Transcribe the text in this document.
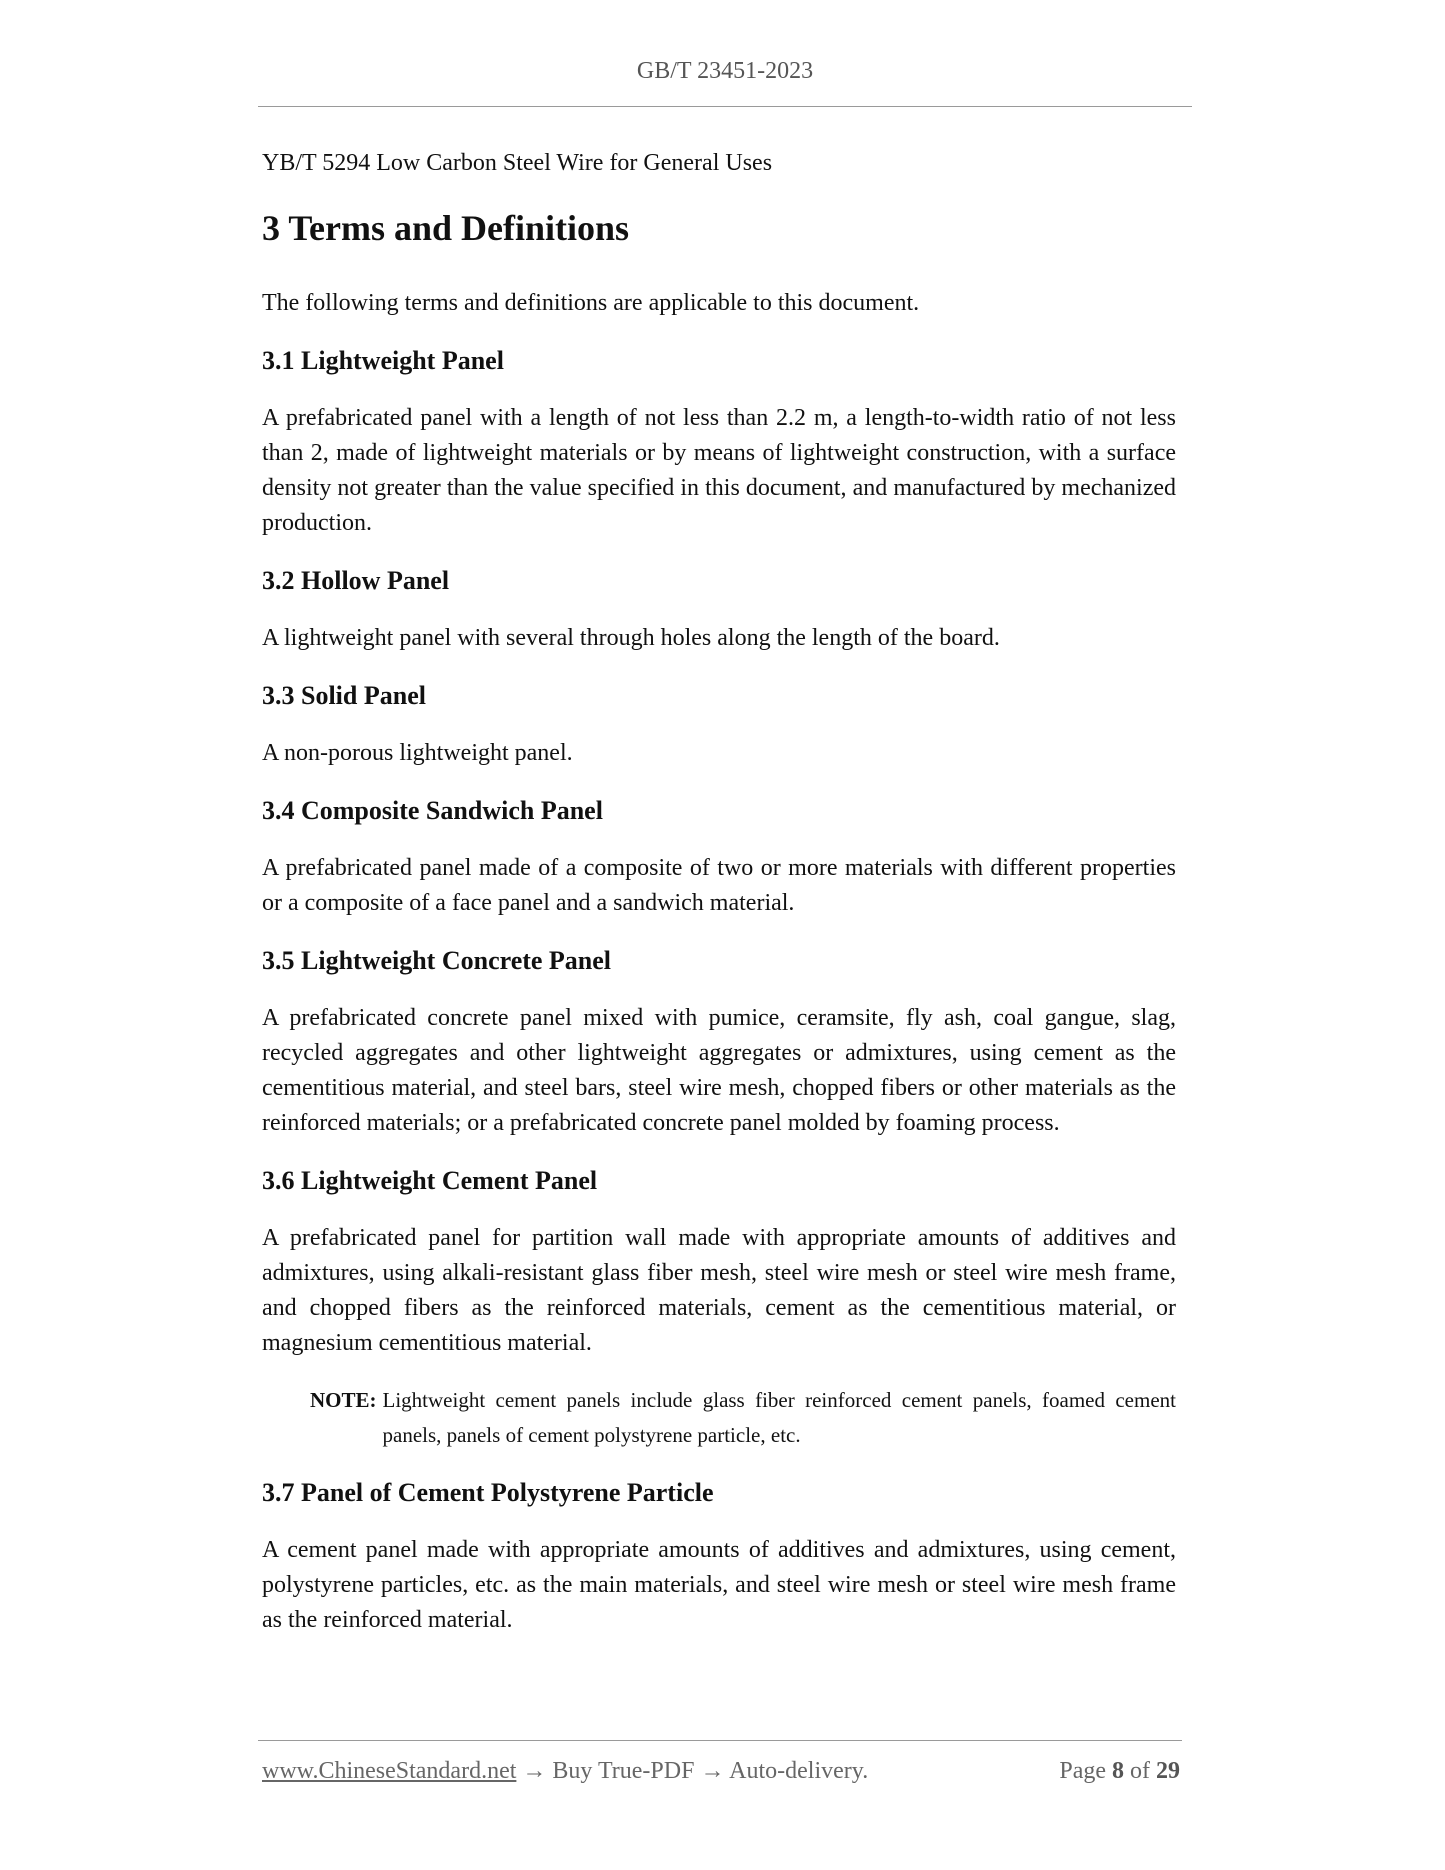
GB/T 23451-2023
YB/T 5294 Low Carbon Steel Wire for General Uses
3 Terms and Definitions

The following terms and definitions are applicable to this document.

3.1 Lightweight Panel

A prefabricated panel with a length of not less than 2.2 m, a length-to-width ratio of not less than 2, made of lightweight materials or by means of lightweight construction, with a surface density not greater than the value specified in this document, and manufactured by mechanized production.

3.2 Hollow Panel

A lightweight panel with several through holes along the length of the board.

3.3 Solid Panel

A non-porous lightweight panel.

3.4 Composite Sandwich Panel

A prefabricated panel made of a composite of two or more materials with different properties or a composite of a face panel and a sandwich material.

3.5 Lightweight Concrete Panel

A prefabricated concrete panel mixed with pumice, ceramsite, fly ash, coal gangue, slag, recycled aggregates and other lightweight aggregates or admixtures, using cement as the cementitious material, and steel bars, steel wire mesh, chopped fibers or other materials as the reinforced materials; or a prefabricated concrete panel molded by foaming process.

3.6 Lightweight Cement Panel

A prefabricated panel for partition wall made with appropriate amounts of additives and admixtures, using alkali-resistant glass fiber mesh, steel wire mesh or steel wire mesh frame, and chopped fibers as the reinforced materials, cement as the cementitious material, or magnesium cementitious material.

NOTE: Lightweight cement panels include glass fiber reinforced cement panels, foamed cement panels, panels of cement polystyrene particle, etc.
3.7 Panel of Cement Polystyrene Particle

A cement panel made with appropriate amounts of additives and admixtures, using cement, polystyrene particles, etc. as the main materials, and steel wire mesh or steel wire mesh frame as the reinforced material.

www.ChineseStandard.net → Buy True-PDF → Auto-delivery.	Page 8 of 29
